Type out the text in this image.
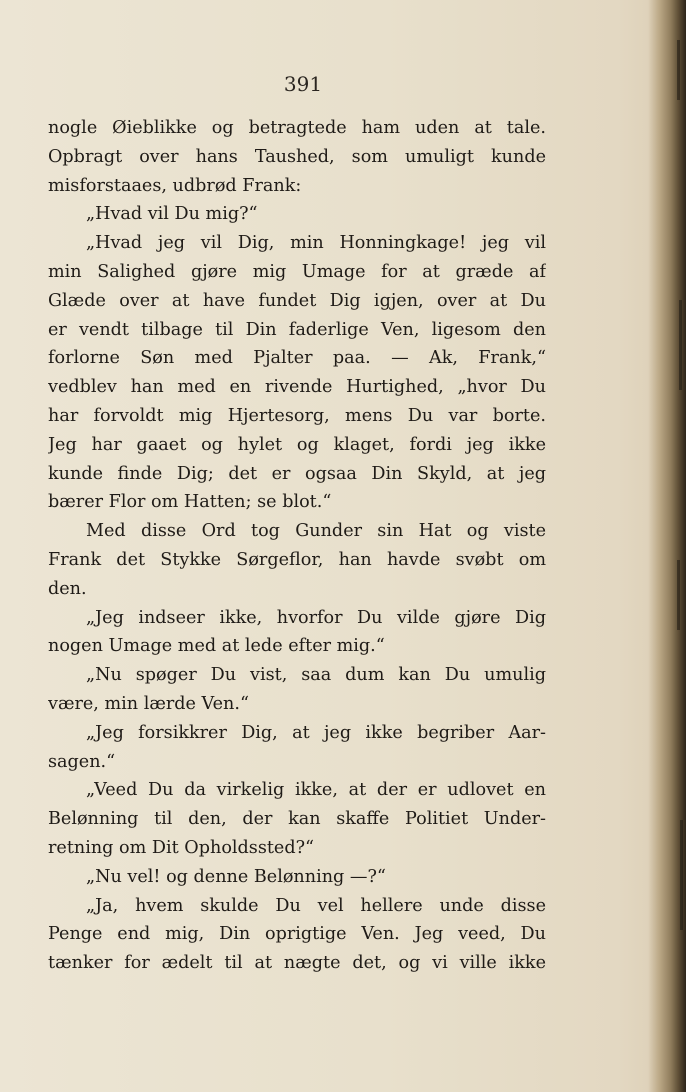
391
nogle Øieblikke og betragtede ham uden at tale.
Opbragt over hans Taushed, som umuligt kunde
misforstaaes, udbrød Frank:
„Hvad vil Du mig?“
„Hvad jeg vil Dig, min Honningkage! jeg vil
min Salighed gjøre mig Umage for at græde af
Glæde over at have fundet Dig igjen, over at Du
er vendt tilbage til Din faderlige Ven, ligesom den
forlorne Søn med Pjalter paa. — Ak, Frank,“
vedblev han med en rivende Hurtighed, „hvor Du
har forvoldt mig Hjertesorg, mens Du var borte.
Jeg har gaaet og hylet og klaget, fordi jeg ikke
kunde finde Dig; det er ogsaa Din Skyld, at jeg
bærer Flor om Hatten; se blot.“
Med disse Ord tog Gunder sin Hat og viste
Frank det Stykke Sørgeflor, han havde svøbt om
den.
„Jeg indseer ikke, hvorfor Du vilde gjøre Dig
nogen Umage med at lede efter mig.“
„Nu spøger Du vist, saa dum kan Du umulig
være, min lærde Ven.“
„Jeg forsikkrer Dig, at jeg ikke begriber Aar-
sagen.“
„Veed Du da virkelig ikke, at der er udlovet en
Belønning til den, der kan skaffe Politiet Under-
retning om Dit Opholdssted?“
„Nu vel! og denne Belønning —?“
„Ja, hvem skulde Du vel hellere unde disse
Penge end mig, Din oprigtige Ven. Jeg veed, Du
tænker for ædelt til at nægte det, og vi ville ikke
